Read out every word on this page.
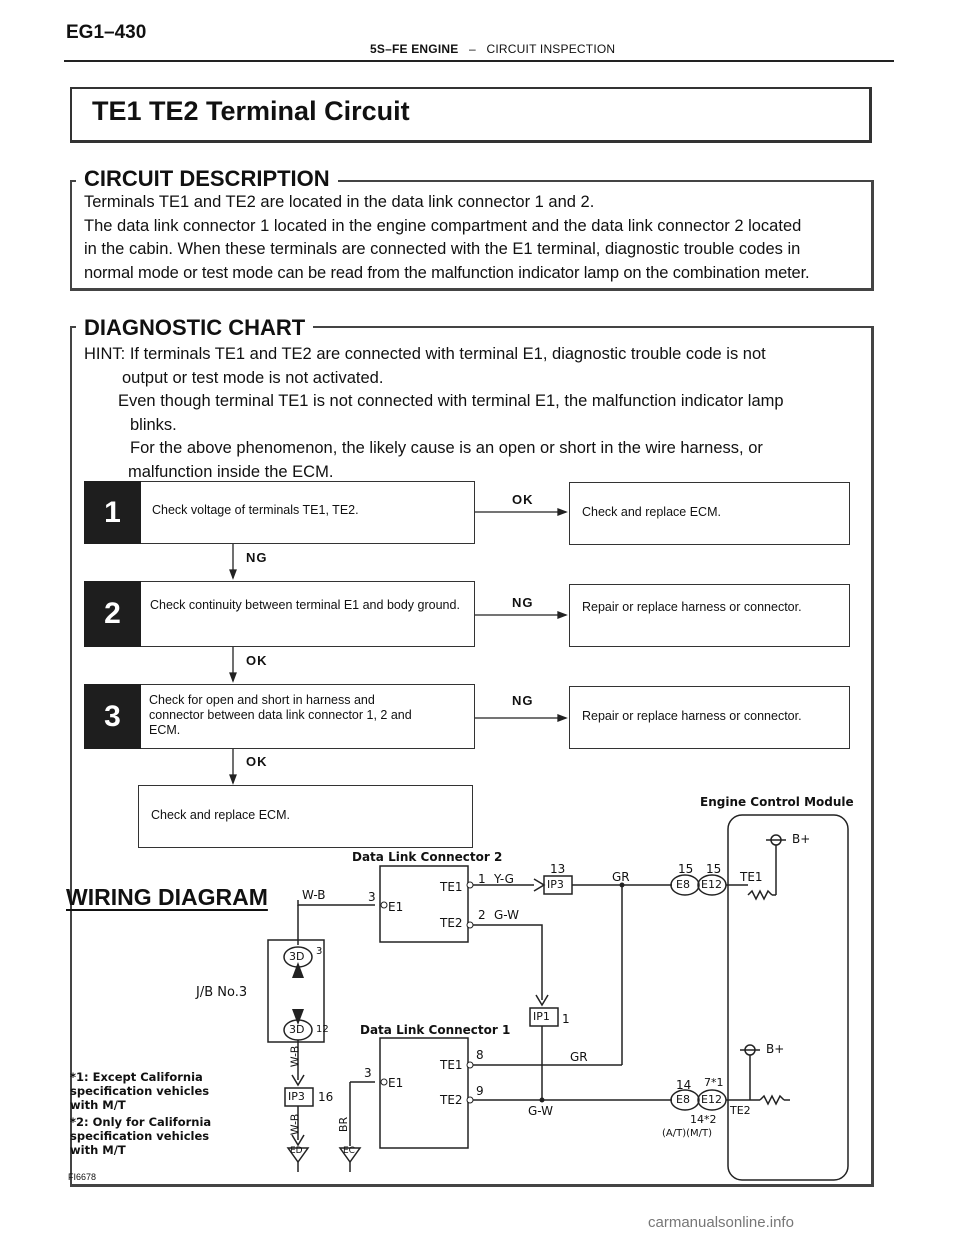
EG1–430
5S–FE ENGINE – CIRCUIT INSPECTION
TE1 TE2 Terminal Circuit
CIRCUIT DESCRIPTION
Terminals TE1 and TE2 are located in the data link connector 1 and 2.
The data link connector 1 located in the engine compartment and the data link connector 2 located
in the cabin. When these terminals are connected with the E1 terminal, diagnostic trouble codes in
normal mode or test mode can be read from the malfunction indicator lamp on the combination meter.
DIAGNOSTIC CHART
HINT: If terminals TE1 and TE2 are connected with terminal E1, diagnostic trouble code is not
output or test mode is not activated.
Even though terminal TE1 is not connected with terminal E1, the malfunction indicator lamp
blinks.
For the above phenomenon, the likely cause is an open or short in the wire harness, or
malfunction inside the ECM.
1	Check voltage of terminals TE1, TE2.
OK
Check and replace ECM.
NG
2	Check continuity between terminal E1 and body ground.	NG	Repair or replace harness or connector.
OK
3	Check for open and short in harness and connector between data link connector 1, 2 and ECM.
NG
Repair or replace harness or connector.
OK
Check and replace ECM.
WIRING DIAGRAM
Engine Control Module
Data Link Connector 2
Data Link Connector 1
J/B No.3
W-B	3
E1
TE1
TE2
1 Y-G
2 G-W
13
IP3
GR
15 15
E8 E12
TE1
B+
3D 3
3D 12
W-B
IP3 16
W-B
ED
BR
EC
3
E1
TE1
TE2
8
9
IP1 1
GR
G-W
14 7*1
E8 E12
14*2
(A/T)(M/T)
TE2
B+
*1: Except California specification vehicles with M/T
*2: Only for California specification vehicles with M/T
FI6678
carmanualsonline.info
